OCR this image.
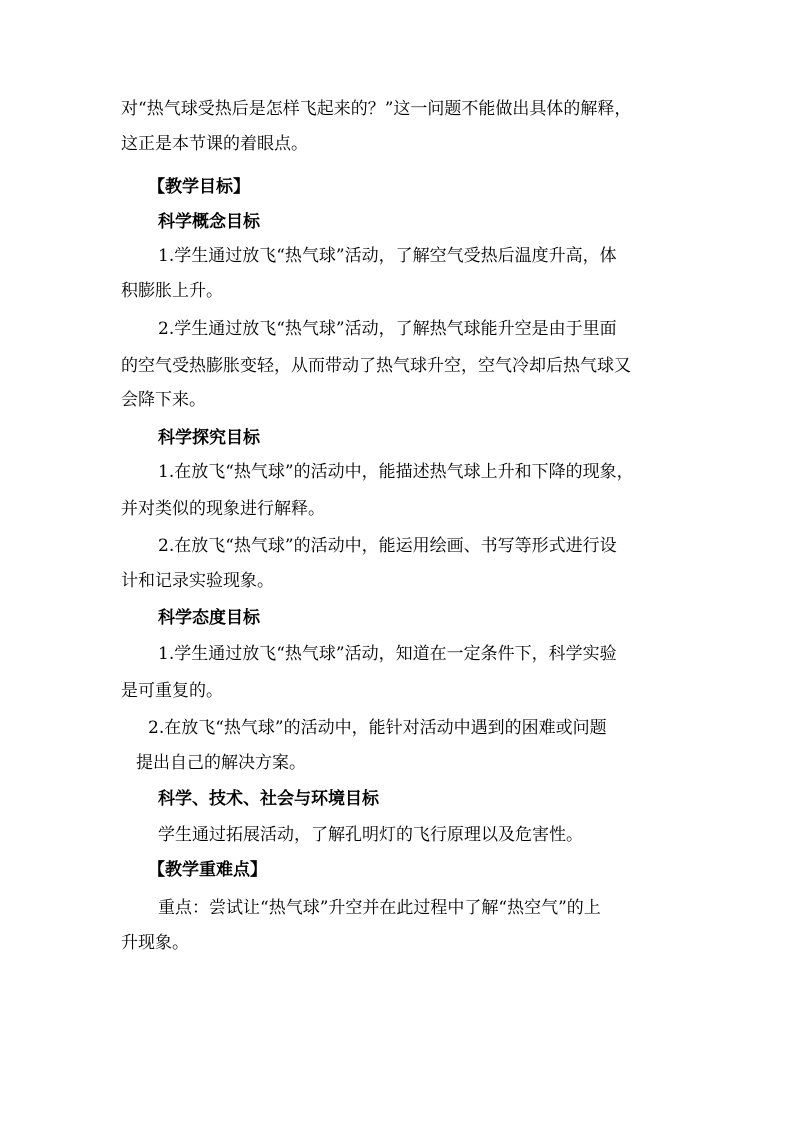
对“热气球受热后是怎样飞起来的？”这一问题不能做出具体的解释，

这正是本节课的着眼点。

【教学目标】

科学概念目标

1.学生通过放飞“热气球”活动，了解空气受热后温度升高，体

积膨胀上升。

2.学生通过放飞“热气球”活动，了解热气球能升空是由于里面

的空气受热膨胀变轻，从而带动了热气球升空，空气冷却后热气球又

会降下来。

科学探究目标

1.在放飞“热气球”的活动中，能描述热气球上升和下降的现象，

并对类似的现象进行解释。

2.在放飞“热气球”的活动中，能运用绘画、书写等形式进行设

计和记录实验现象。

科学态度目标

1.学生通过放飞“热气球”活动，知道在一定条件下，科学实验

是可重复的。

2.在放飞“热气球”的活动中，能针对活动中遇到的困难或问题

提出自己的解决方案。

科学、技术、社会与环境目标

学生通过拓展活动，了解孔明灯的飞行原理以及危害性。

【教学重难点】

重点：尝试让“热气球”升空并在此过程中了解“热空气”的上

升现象。
